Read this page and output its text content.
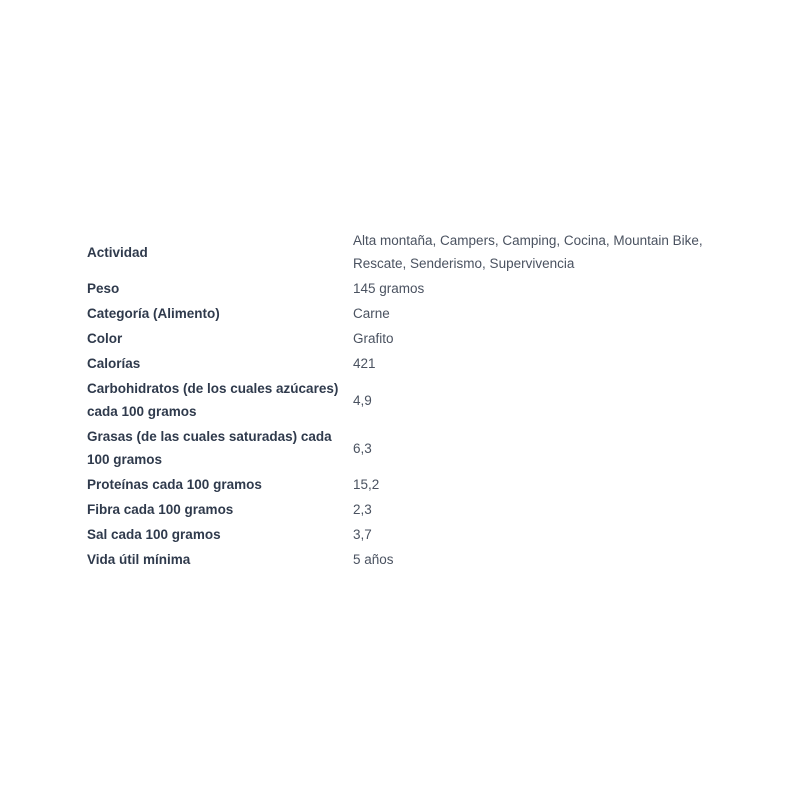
Actividad	Alta montaña, Campers, Camping, Cocina, Mountain Bike, Rescate, Senderismo, Supervivencia
Peso	145 gramos
Categoría (Alimento)	Carne
Color	Grafito
Calorías	421
Carbohidratos (de los cuales azúcares) cada 100 gramos	4,9
Grasas (de las cuales saturadas) cada 100 gramos	6,3
Proteínas cada 100 gramos	15,2
Fibra cada 100 gramos	2,3
Sal cada 100 gramos	3,7
Vida útil mínima	5 años
